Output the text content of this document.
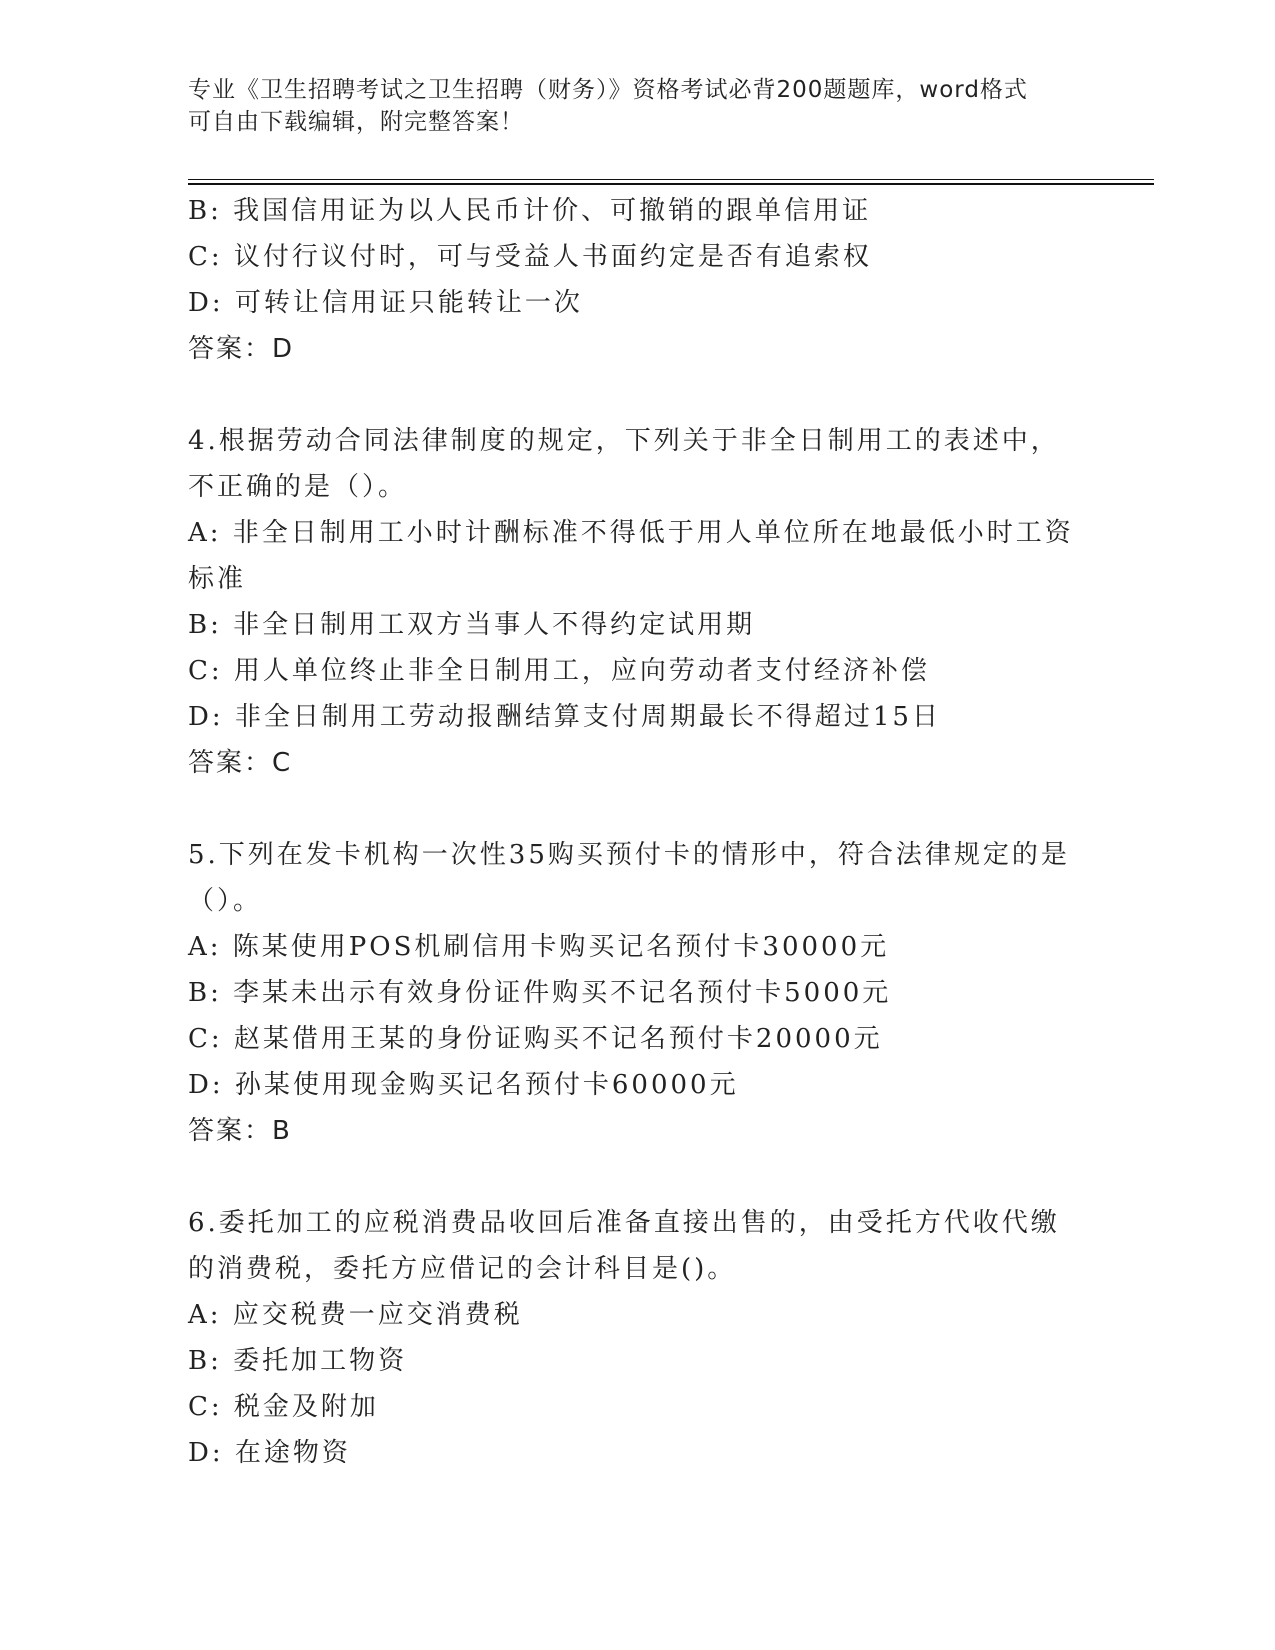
专业《卫生招聘考试之卫生招聘（财务）》资格考试必背200题题库，word格式
可自由下载编辑，附完整答案！
B: 我国信用证为以人民币计价、可撤销的跟单信用证
C: 议付行议付时，可与受益人书面约定是否有追索权
D: 可转让信用证只能转让一次
答案：D
4.根据劳动合同法律制度的规定，下列关于非全日制用工的表述中，
不正确的是（）。
A: 非全日制用工小时计酬标准不得低于用人单位所在地最低小时工资
标准
B: 非全日制用工双方当事人不得约定试用期
C: 用人单位终止非全日制用工，应向劳动者支付经济补偿
D: 非全日制用工劳动报酬结算支付周期最长不得超过15日
答案：C
5.下列在发卡机构一次性35购买预付卡的情形中，符合法律规定的是
（）。
A: 陈某使用POS机刷信用卡购买记名预付卡30000元
B: 李某未出示有效身份证件购买不记名预付卡5000元
C: 赵某借用王某的身份证购买不记名预付卡20000元
D: 孙某使用现金购买记名预付卡60000元
答案：B
6.委托加工的应税消费品收回后准备直接出售的，由受托方代收代缴
的消费税，委托方应借记的会计科目是()。
A: 应交税费一应交消费税
B: 委托加工物资
C: 税金及附加
D: 在途物资
